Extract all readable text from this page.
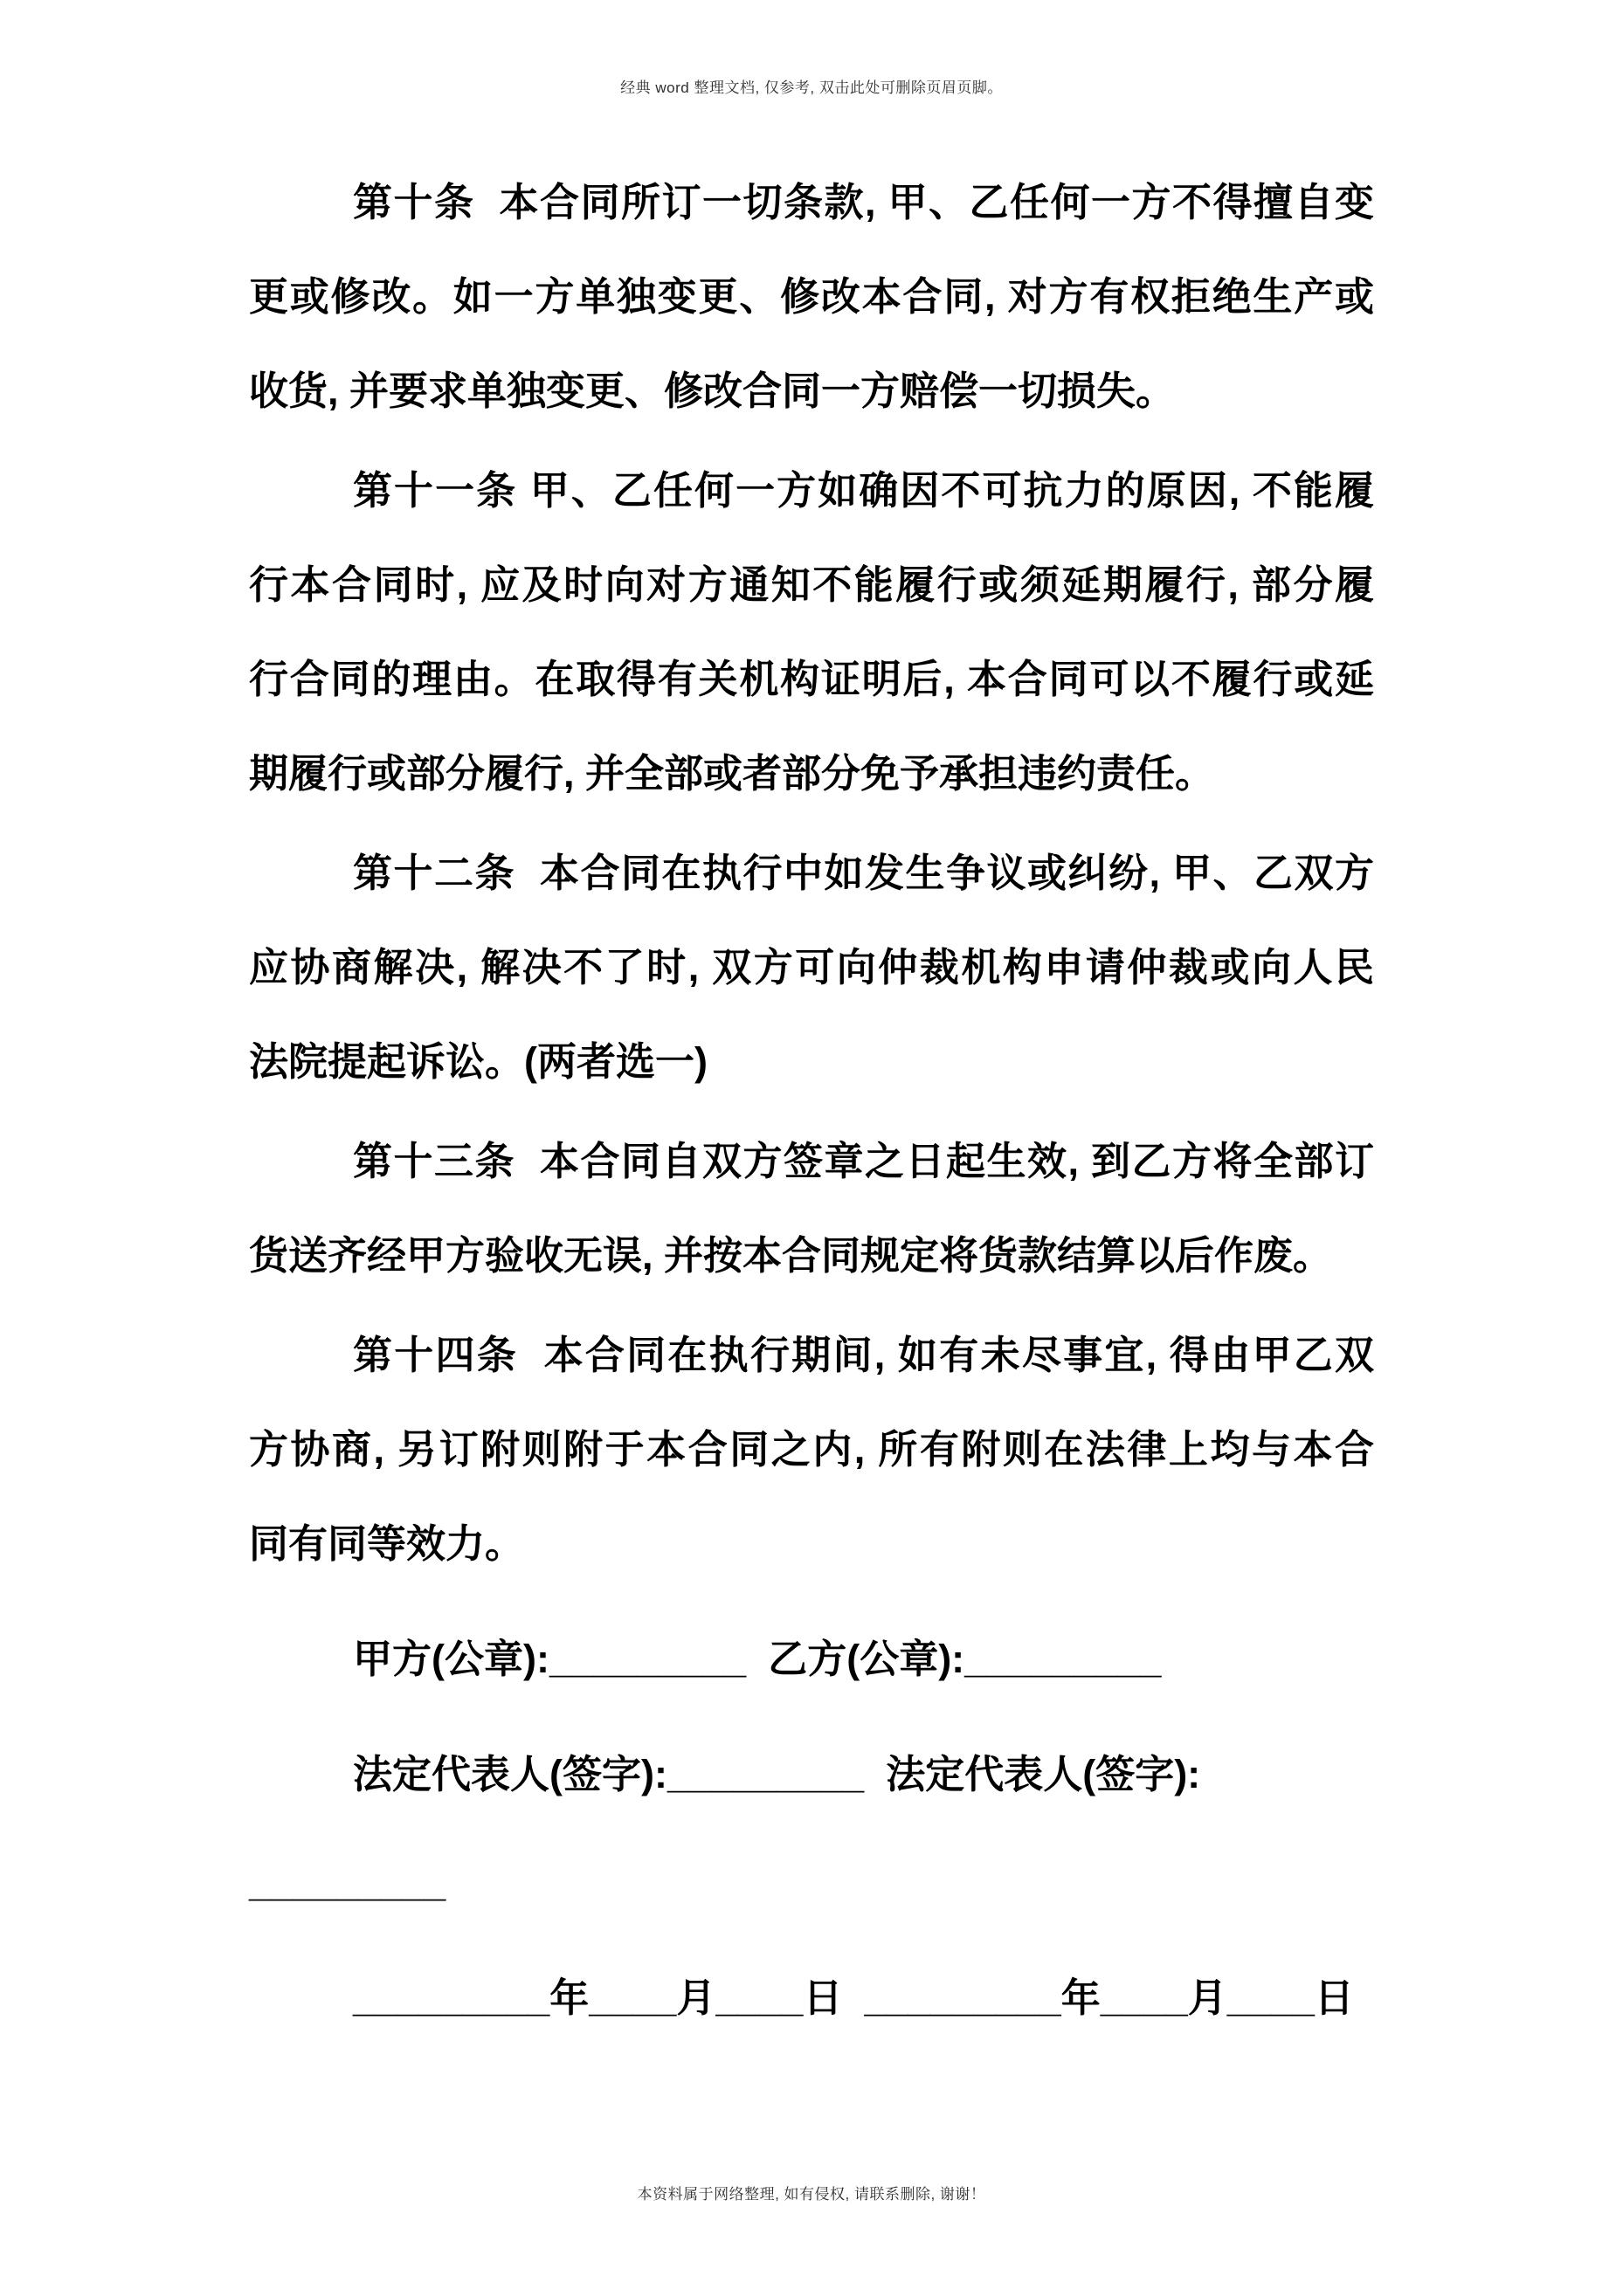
经典 word 整理文档, 仅参考, 双击此处可删除页眉页脚。
第十条  本合同所订一切条款, 甲、乙任何一方不得擅自变
更或修改。如一方单独变更、修改本合同, 对方有权拒绝生产或
收货, 并要求单独变更、修改合同一方赔偿一切损失。
第十一条 甲、乙任何一方如确因不可抗力的原因, 不能履
行本合同时, 应及时向对方通知不能履行或须延期履行, 部分履
行合同的理由。在取得有关机构证明后, 本合同可以不履行或延
期履行或部分履行, 并全部或者部分免予承担违约责任。
第十二条  本合同在执行中如发生争议或纠纷, 甲、乙双方
应协商解决, 解决不了时, 双方可向仲裁机构申请仲裁或向人民
法院提起诉讼。(两者选一)
第十三条  本合同自双方签章之日起生效, 到乙方将全部订
货送齐经甲方验收无误, 并按本合同规定将货款结算以后作废。
第十四条  本合同在执行期间, 如有未尽事宜, 得由甲乙双
方协商, 另订附则附于本合同之内, 所有附则在法律上均与本合
同有同等效力。
甲方(公章):_________  乙方(公章):_________
法定代表人(签字):_________  法定代表人(签字):
_________
_________年____月____日  _________年____月____日
本资料属于网络整理, 如有侵权, 请联系删除, 谢谢！
